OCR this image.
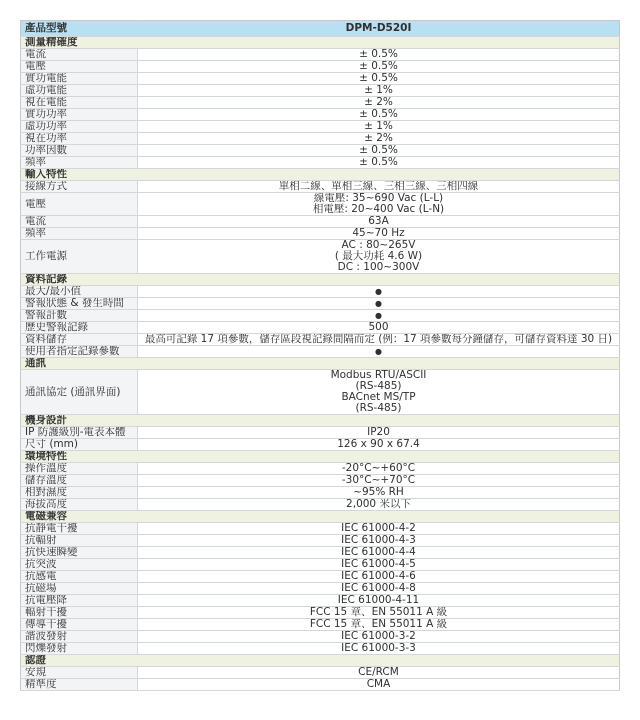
產品型號	DPM-D520I
測量精確度	
電流	± 0.5%

電壓	± 0.5%

實功電能	± 0.5%

虛功電能	± 1%

視在電能	± 2%

實功功率	± 0.5%

虛功功率	± 1%

視在功率	± 2%

功率因數	± 0.5%

頻率	± 0.5%

輸入特性	
接線方式	單相二線、單相三線、三相三線、三相四線

電壓	線電壓: 35~690 Vac (L-L)
相電壓: 20~400 Vac (L-N)

電流	63A

頻率	45~70 Hz

工作電源	AC : 80~265V
( 最大功耗 4.6 W)
DC : 100~300V

資料記錄	
最大/最小值	●

警報狀態 & 發生時間	●

警報計數	●

歷史警報記錄	500

資料儲存	最高可記錄 17 項參數，儲存區段視記錄間隔而定 (例：17 項參數每分鐘儲存，可儲存資料達 30 日)

使用者指定記錄參數	●

通訊	
通訊協定 (通訊界面)	Modbus RTU/ASCII
(RS-485)
BACnet MS/TP
(RS-485)

機身設計	
IP 防護級別-電表本體	IP20

尺寸 (mm)	126 x 90 x 67.4

環境特性	
操作溫度	-20°C~+60°C

儲存溫度	-30°C~+70°C

相對濕度	~95% RH

海拔高度	2,000 米以下

電磁兼容	
抗靜電干擾	IEC 61000-4-2

抗輻射	IEC 61000-4-3

抗快速瞬變	IEC 61000-4-4

抗突波	IEC 61000-4-5

抗感電	IEC 61000-4-6

抗磁場	IEC 61000-4-8

抗電壓降	IEC 61000-4-11

輻射干擾	FCC 15 章、EN 55011 A 級

傳導干擾	FCC 15 章、EN 55011 A 級

諧波發射	IEC 61000-3-2

閃爍發射	IEC 61000-3-3

認證	
安規	CE/RCM

精準度	CMA
